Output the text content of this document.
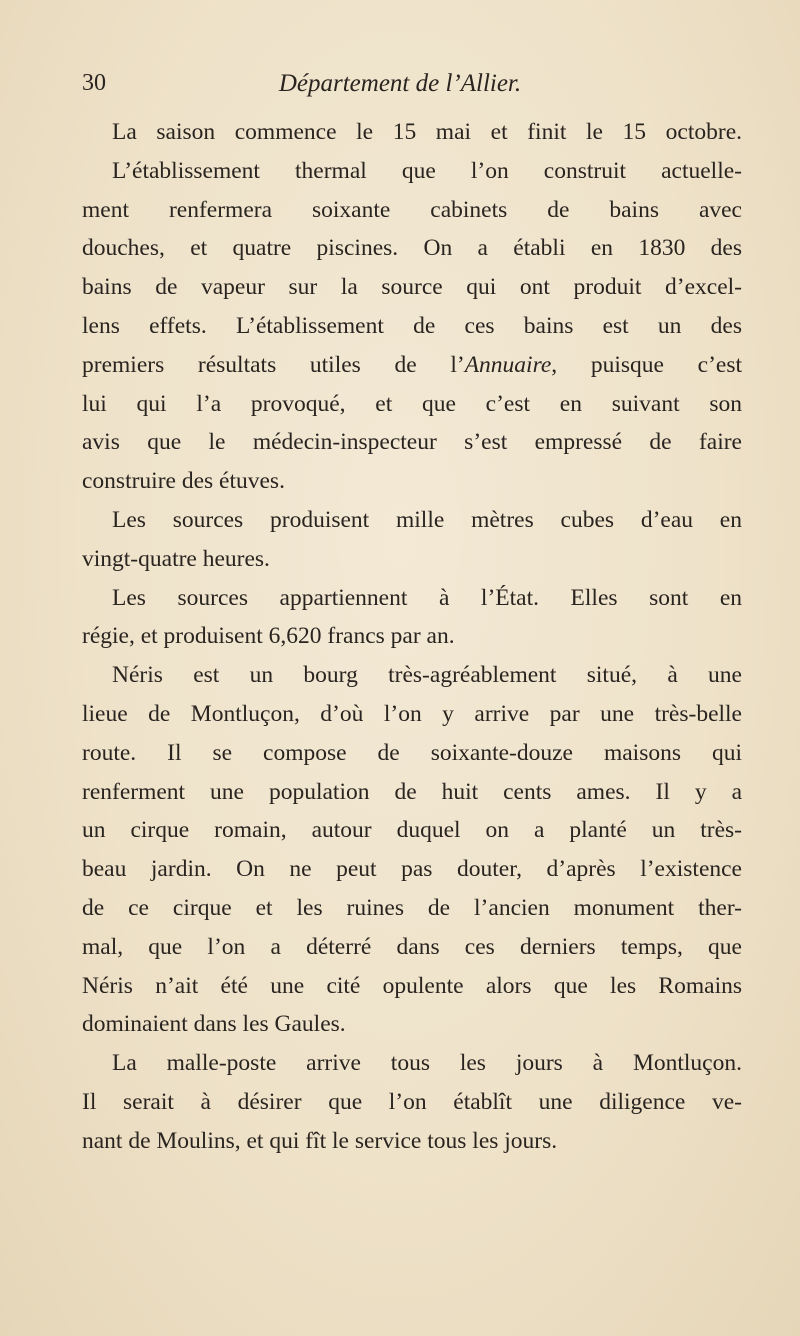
30	Département de l’Allier.
La saison commence le 15 mai et finit le 15 octobre.
L’établissement thermal que l’on construit actuelle-
ment renfermera soixante cabinets de bains avec
douches, et quatre piscines. On a établi en 1830 des
bains de vapeur sur la source qui ont produit d’excel-
lens effets. L’établissement de ces bains est un des
premiers résultats utiles de l’Annuaire, puisque c’est
lui qui l’a provoqué, et que c’est en suivant son
avis que le médecin-inspecteur s’est empressé de faire
construire des étuves.
Les sources produisent mille mètres cubes d’eau en
vingt-quatre heures.
Les sources appartiennent à l’État. Elles sont en
régie, et produisent 6,620 francs par an.
Néris est un bourg très-agréablement situé, à une
lieue de Montluçon, d’où l’on y arrive par une très-belle
route. Il se compose de soixante-douze maisons qui
renferment une population de huit cents ames. Il y a
un cirque romain, autour duquel on a planté un très-
beau jardin. On ne peut pas douter, d’après l’existence
de ce cirque et les ruines de l’ancien monument ther-
mal, que l’on a déterré dans ces derniers temps, que
Néris n’ait été une cité opulente alors que les Romains
dominaient dans les Gaules.
La malle-poste arrive tous les jours à Montluçon.
Il serait à désirer que l’on établît une diligence ve-
nant de Moulins, et qui fît le service tous les jours.
